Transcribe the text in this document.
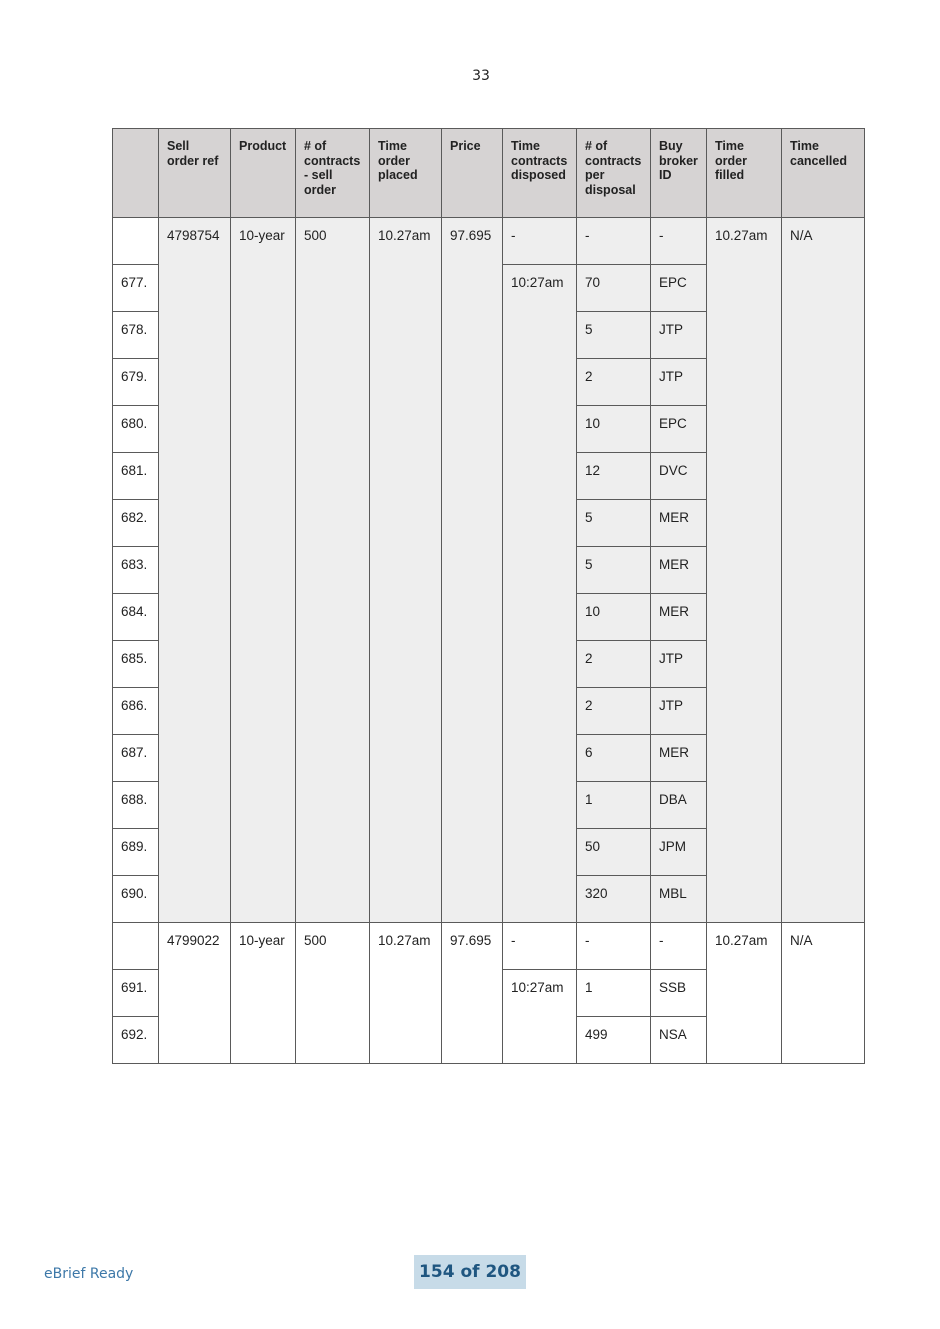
33
	Sell order ref	Product	# of contracts - sell order	Time order placed	Price	Time contracts disposed	# of contracts per disposal	Buy broker ID	Time order filled	Time cancelled
	4798754	10-year	500	10.27am	97.695	-	-	-	10.27am	N/A
677.						10:27am	70	EPC		
678.							5	JTP		
679.							2	JTP		
680.							10	EPC		
681.							12	DVC		
682.							5	MER		
683.							5	MER		
684.							10	MER		
685.							2	JTP		
686.							2	JTP		
687.							6	MER		
688.							1	DBA		
689.							50	JPM		
690.							320	MBL		
	4799022	10-year	500	10.27am	97.695	-	-	-	10.27am	N/A
691.						10:27am	1	SSB		
692.							499	NSA		
eBrief Ready	154 of 208
